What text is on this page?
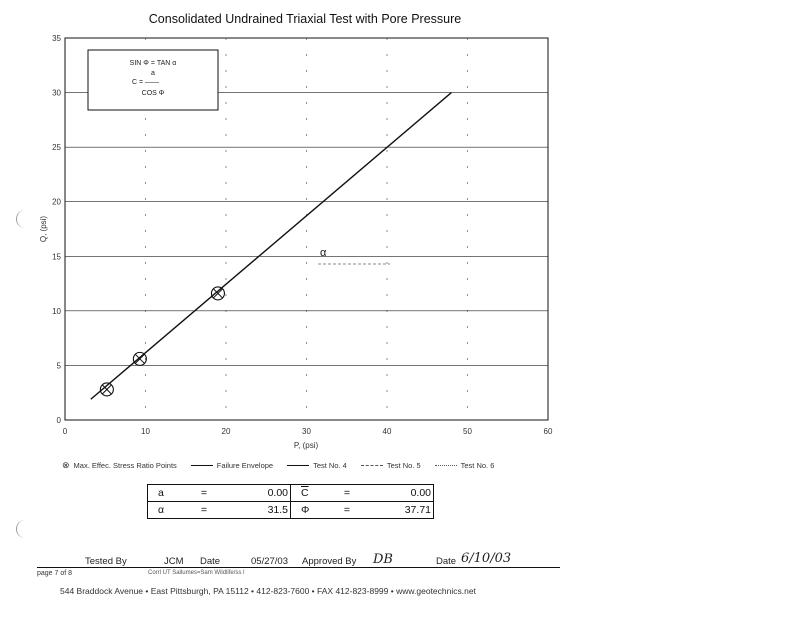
Consolidated Undrained Triaxial Test with Pore Pressure
0	10	20	30	40	50	60
0
5
10
15
20
25
30
35
SIN Φ = TAN α
a
C = ——
COS Φ
α
P, (psi)
Q, (psi)
⊗ Max. Effec. Stress Ratio Points	Failure Envelope	Test No. 4	Test No. 5	Test No. 6
a = 0.00	$\overline{C} = 0.00$

α = 31.5	Φ = 37.71
Tested By	JCM Date	05/27/03 Approved By DB	Date 6/10/03
page 7 of 8	Corrl UT Sallumes=Sam Wildlife/ss l
544 Braddock Avenue • East Pittsburgh, PA 15112 • 412-823-7600 • FAX 412-823-8999 • www.geotechnics.net
